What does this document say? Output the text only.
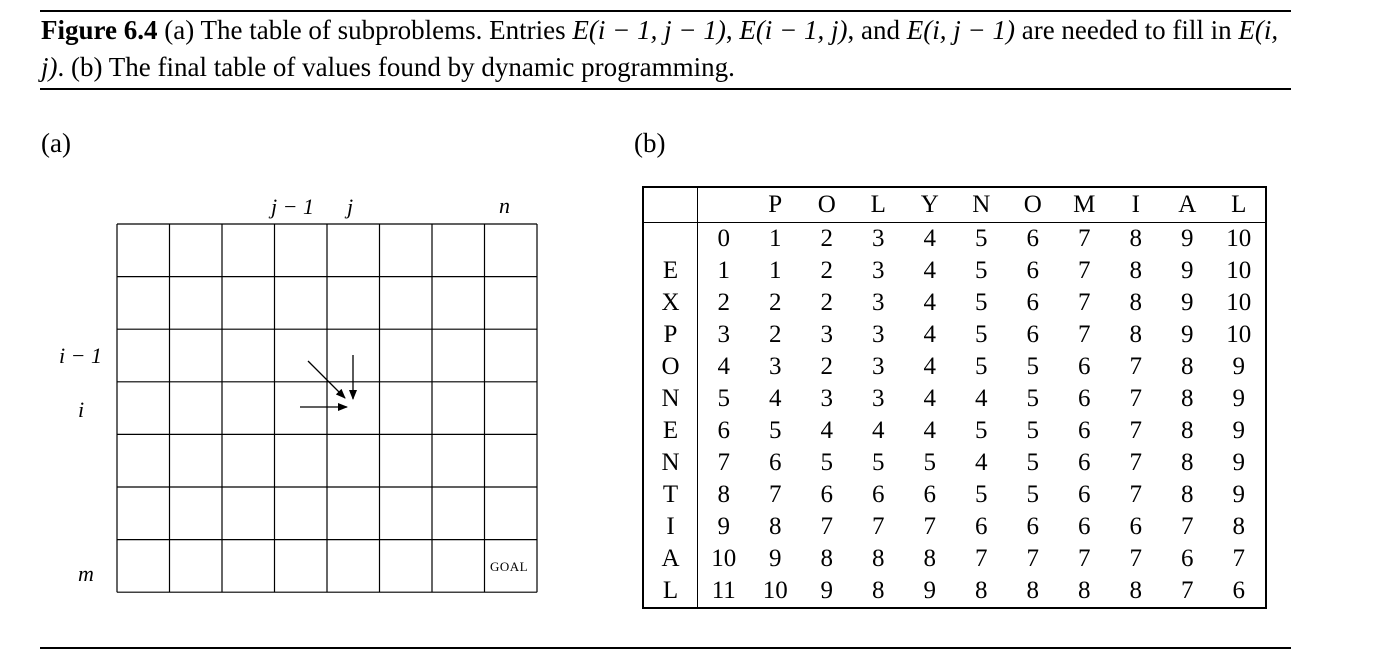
Figure 6.4 (a) The table of subproblems. Entries E(i − 1, j − 1), E(i − 1, j), and E(i, j − 1) are needed to fill in E(i, j). (b) The final table of values found by dynamic programming.
(a)	(b)
j − 1 j	n
i − 1
i
m	GOAL
		P	O	L	Y	N	O	M	I	A	L
	0	1	2	3	4	5	6	7	8	9	10
E	1	1	2	3	4	5	6	7	8	9	10
X	2	2	2	3	4	5	6	7	8	9	10
P	3	2	3	3	4	5	6	7	8	9	10
O	4	3	2	3	4	5	5	6	7	8	9
N	5	4	3	3	4	4	5	6	7	8	9
E	6	5	4	4	4	5	5	6	7	8	9
N	7	6	5	5	5	4	5	6	7	8	9
T	8	7	6	6	6	5	5	6	7	8	9
I	9	8	7	7	7	6	6	6	6	7	8
A	10	9	8	8	8	7	7	7	7	6	7
L	11	10	9	8	9	8	8	8	8	7	6
